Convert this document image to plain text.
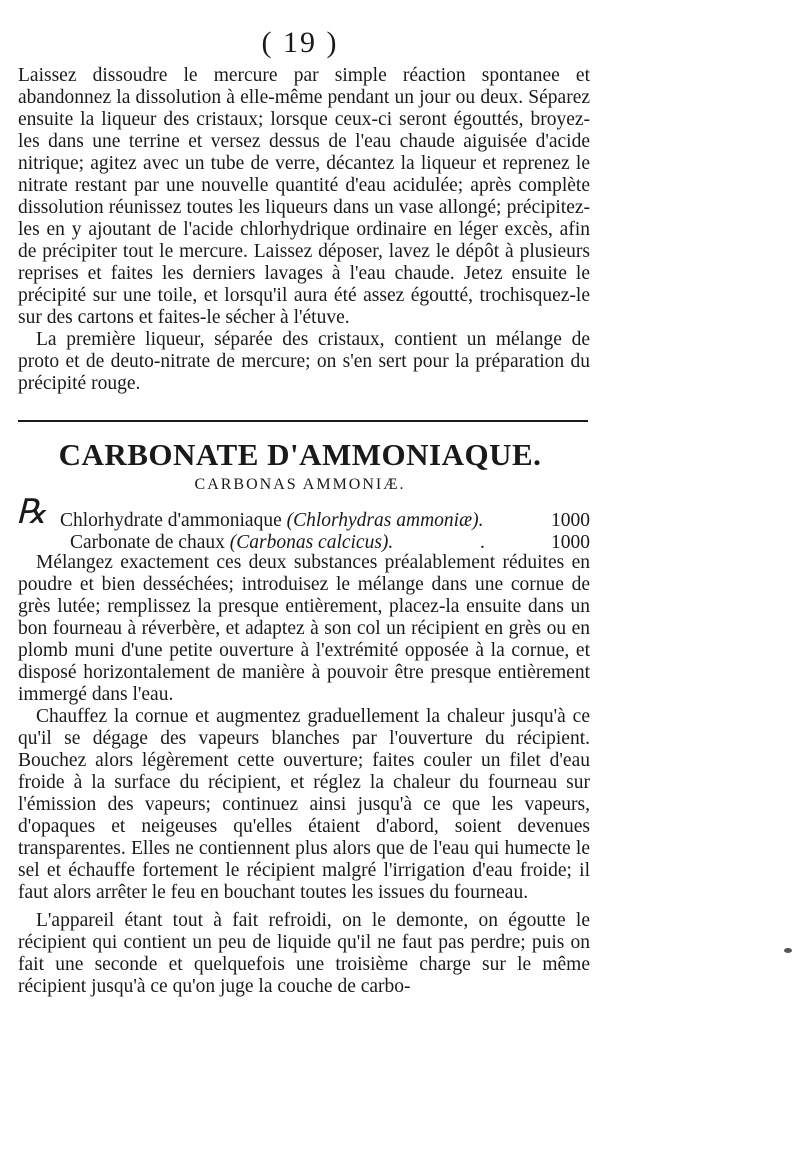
( 19 )

Laissez dissoudre le mercure par simple réaction spontanee et abandonnez la dissolution à elle-même pendant un jour ou deux. Séparez ensuite la liqueur des cristaux; lorsque ceux-ci seront égouttés, broyez-les dans une terrine et versez dessus de l'eau chaude aiguisée d'acide nitrique; agitez avec un tube de verre, décantez la liqueur et reprenez le nitrate restant par une nouvelle quantité d'eau acidulée; après complète dissolution réunissez toutes les liqueurs dans un vase allongé; précipitez-les en y ajoutant de l'acide chlorhydrique ordinaire en léger excès, afin de précipiter tout le mercure. Laissez déposer, lavez le dépôt à plusieurs reprises et faites les derniers lavages à l'eau chaude. Jetez ensuite le précipité sur une toile, et lorsqu'il aura été assez égoutté, trochisquez-le sur des cartons et faites-le sécher à l'étuve.

La première liqueur, séparée des cristaux, contient un mélange de proto et de deuto-nitrate de mercure; on s'en sert pour la préparation du précipité rouge.

CARBONATE D'AMMONIAQUE.
CARBONAS AMMONIÆ.
℞ Chlorhydrate d'ammoniaque (Chlorhydras ammoniæ).	1000
Carbonate de chaux (Carbonas calcicus).	.	1000

Mélangez exactement ces deux substances préalablement réduites en poudre et bien desséchées; introduisez le mélange dans une cornue de grès lutée; remplissez la presque entièrement, placez-la ensuite dans un bon fourneau à réverbère, et adaptez à son col un récipient en grès ou en plomb muni d'une petite ouverture à l'extrémité opposée à la cornue, et disposé horizontalement de manière à pouvoir être presque entièrement immergé dans l'eau.

Chauffez la cornue et augmentez graduellement la chaleur jusqu'à ce qu'il se dégage des vapeurs blanches par l'ouverture du récipient. Bouchez alors légèrement cette ouverture; faites couler un filet d'eau froide à la surface du récipient, et réglez la chaleur du fourneau sur l'émission des vapeurs; continuez ainsi jusqu'à ce que les vapeurs, d'opaques et neigeuses qu'elles étaient d'abord, soient devenues transparentes. Elles ne contiennent plus alors que de l'eau qui humecte le sel et échauffe fortement le récipient malgré l'irrigation d'eau froide; il faut alors arrêter le feu en bouchant toutes les issues du fourneau.

L'appareil étant tout à fait refroidi, on le demonte, on égoutte le récipient qui contient un peu de liquide qu'il ne faut pas perdre; puis on fait une seconde et quelquefois une troisième charge sur le même récipient jusqu'à ce qu'on juge la couche de carbo-
